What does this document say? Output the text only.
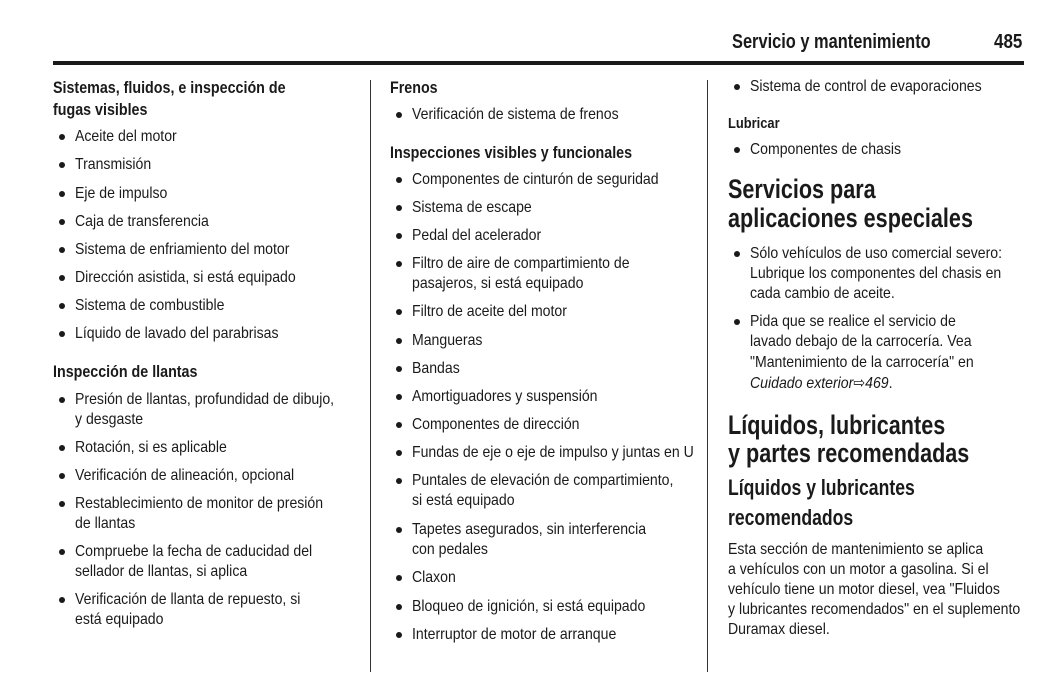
Servicio y mantenimiento	485
Sistemas, fluidos, e inspección de
fugas visibles
Aceite del motor
Transmisión
Eje de impulso
Caja de transferencia
Sistema de enfriamiento del motor
Dirección asistida, si está equipado
Sistema de combustible
Líquido de lavado del parabrisas
Inspección de llantas
Presión de llantas, profundidad de dibujo,
y desgaste
Rotación, si es aplicable
Verificación de alineación, opcional
Restablecimiento de monitor de presión
de llantas
Compruebe la fecha de caducidad del
sellador de llantas, si aplica
Verificación de llanta de repuesto, si
está equipado
Frenos
Verificación de sistema de frenos
Inspecciones visibles y funcionales
Componentes de cinturón de seguridad
Sistema de escape
Pedal del acelerador
Filtro de aire de compartimiento de
pasajeros, si está equipado
Filtro de aceite del motor
Mangueras
Bandas
Amortiguadores y suspensión
Componentes de dirección
Fundas de eje o eje de impulso y juntas en U
Puntales de elevación de compartimiento,
si está equipado
Tapetes asegurados, sin interferencia
con pedales
Claxon
Bloqueo de ignición, si está equipado
Interruptor de motor de arranque
Sistema de control de evaporaciones
Lubricar
Componentes de chasis
Servicios para
aplicaciones especiales
Sólo vehículos de uso comercial severo:
Lubrique los componentes del chasis en
cada cambio de aceite.
Pida que se realice el servicio de
lavado debajo de la carrocería. Vea
"Mantenimiento de la carrocería" en
Cuidado exterior⇨469.
Líquidos, lubricantes
y partes recomendadas
Líquidos y lubricantes
recomendados
Esta sección de mantenimiento se aplica
a vehículos con un motor a gasolina. Si el
vehículo tiene un motor diesel, vea "Fluidos
y lubricantes recomendados" en el suplemento
Duramax diesel.
